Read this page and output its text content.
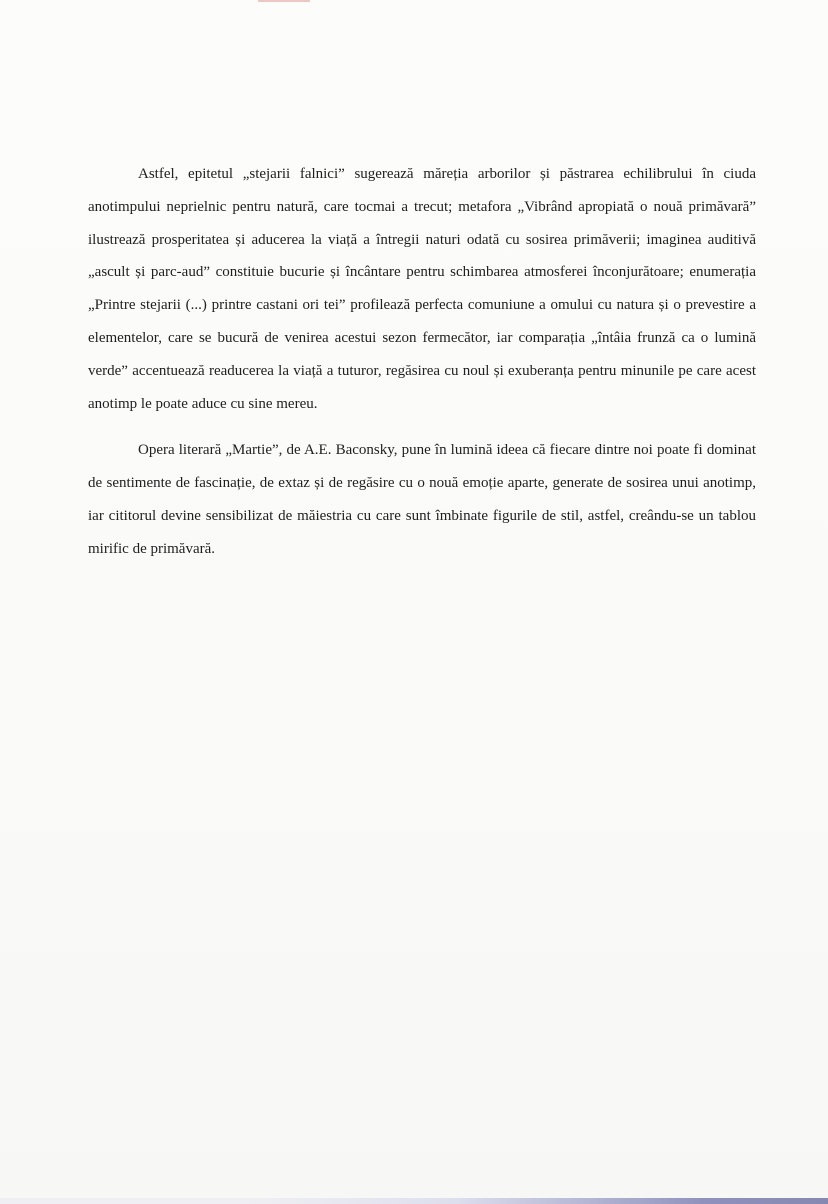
Astfel, epitetul „stejarii falnici” sugerează măreția arborilor și păstrarea echilibrului în ciuda anotimpului neprielnic pentru natură, care tocmai a trecut; metafora „Vibrând apropiată o nouă primăvară” ilustrează prosperitatea și aducerea la viață a întregii naturi odată cu sosirea primăverii; imaginea auditivă „ascult și parc-aud” constituie bucurie și încântare pentru schimbarea atmosferei înconjurătoare; enumerația „Printre stejarii (...) printre castani ori tei” profilează perfecta comuniune a omului cu natura și o prevestire a elementelor, care se bucură de venirea acestui sezon fermecător, iar comparația „întâia frunză ca o lumină verde” accentuează readucerea la viață a tuturor, regăsirea cu noul și exuberanța pentru minunile pe care acest anotimp le poate aduce cu sine mereu.

Opera literară „Martie”, de A.E. Baconsky, pune în lumină ideea că fiecare dintre noi poate fi dominat de sentimente de fascinație, de extaz și de regăsire cu o nouă emoție aparte, generate de sosirea unui anotimp, iar cititorul devine sensibilizat de măiestria cu care sunt îmbinate figurile de stil, astfel, creându-se un tablou mirific de primăvară.
